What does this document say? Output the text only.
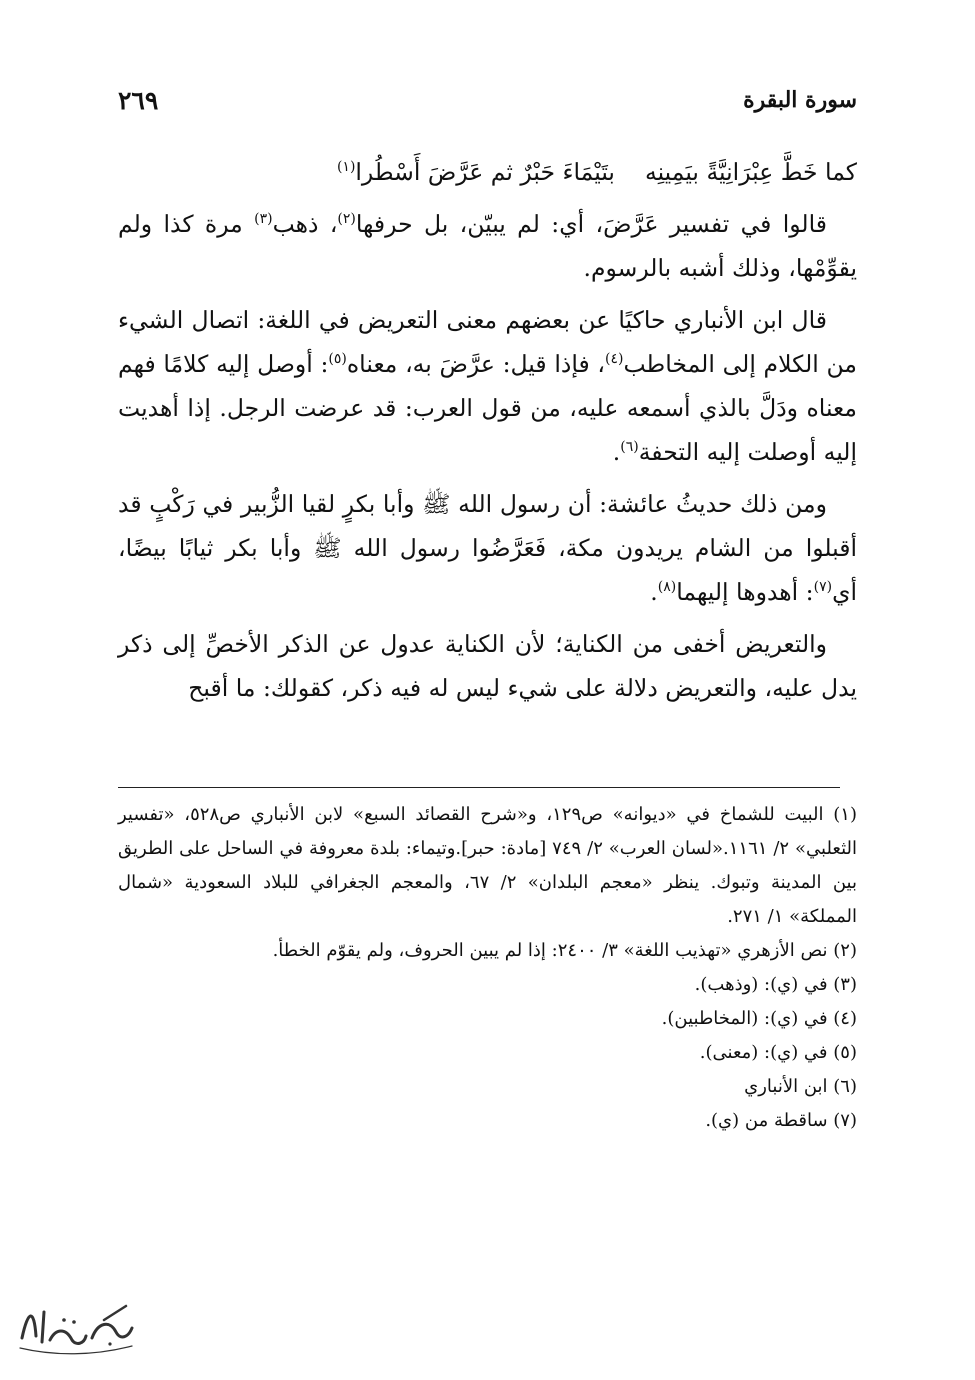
سورة البقرة
٢٦٩

كما خَطَّ عِبْرَانِيَّةً بيَمِينِهبتَيْمَاءَ حَبْرٌ ثم عَرَّضَ أَسْطُرا$^{(١)}$

قالوا في تفسير عَرَّضَ، أي: لم يبيّن، بل حرفها$^{(٢)}$، ذهب$^{(٣)}$ مرة كذا ولم يقوِّمْها، وذلك أشبه بالرسوم.

قال ابن الأنباري حاكيًا عن بعضهم معنى التعريض في اللغة: اتصال الشيء من الكلام إلى المخاطب$^{(٤)}$، فإذا قيل: عرَّضَ به، معناه$^{(٥)}$: أوصل إليه كلامًا فهم معناه ودَلَّ بالذي أسمعه عليه، من قول العرب: قد عرضت الرجل. إذا أهديت إليه أوصلت إليه التحفة$^{(٦)}$.

ومن ذلك حديثُ عائشة: أن رسول الله ﷺ وأبا بكرٍ لقيا الزُّبير في رَكْبٍ قد أقبلوا من الشام يريدون مكة، فَعَرَّضُوا رسول الله ﷺ وأبا بكر ثيابًا بيضًا، أي$^{(٧)}$: أهدوها إليهما$^{(٨)}$.

والتعريض أخفى من الكناية؛ لأن الكناية عدول عن الذكر الأخصِّ إلى ذكر يدل عليه، والتعريض دلالة على شيء ليس له فيه ذكر، كقولك: ما أقبح

(١) البيت للشماخ في «ديوانه» ص١٢٩، و«شرح القصائد السبع» لابن الأنباري ص٥٢٨، «تفسير الثعلبي» ٢/ ١١٦١.«لسان العرب» ٢/ ٧٤٩ [مادة: حبر].وتيماء: بلدة معروفة في الساحل على الطريق بين المدينة وتبوك. ينظر «معجم البلدان» ٢/ ٦٧، والمعجم الجغرافي للبلاد السعودية «شمال المملكة» ١/ ٢٧١.

(٢) نص الأزهري «تهذيب اللغة» ٣/ ٢٤٠٠: إذا لم يبين الحروف، ولم يقوّم الخطأ.

(٣) في (ي): (وذهب).

(٤) في (ي): (المخاطبين).

(٥) في (ي): (معنى).

(٦) ابن الأنباري

(٧) ساقطة من (ي).
